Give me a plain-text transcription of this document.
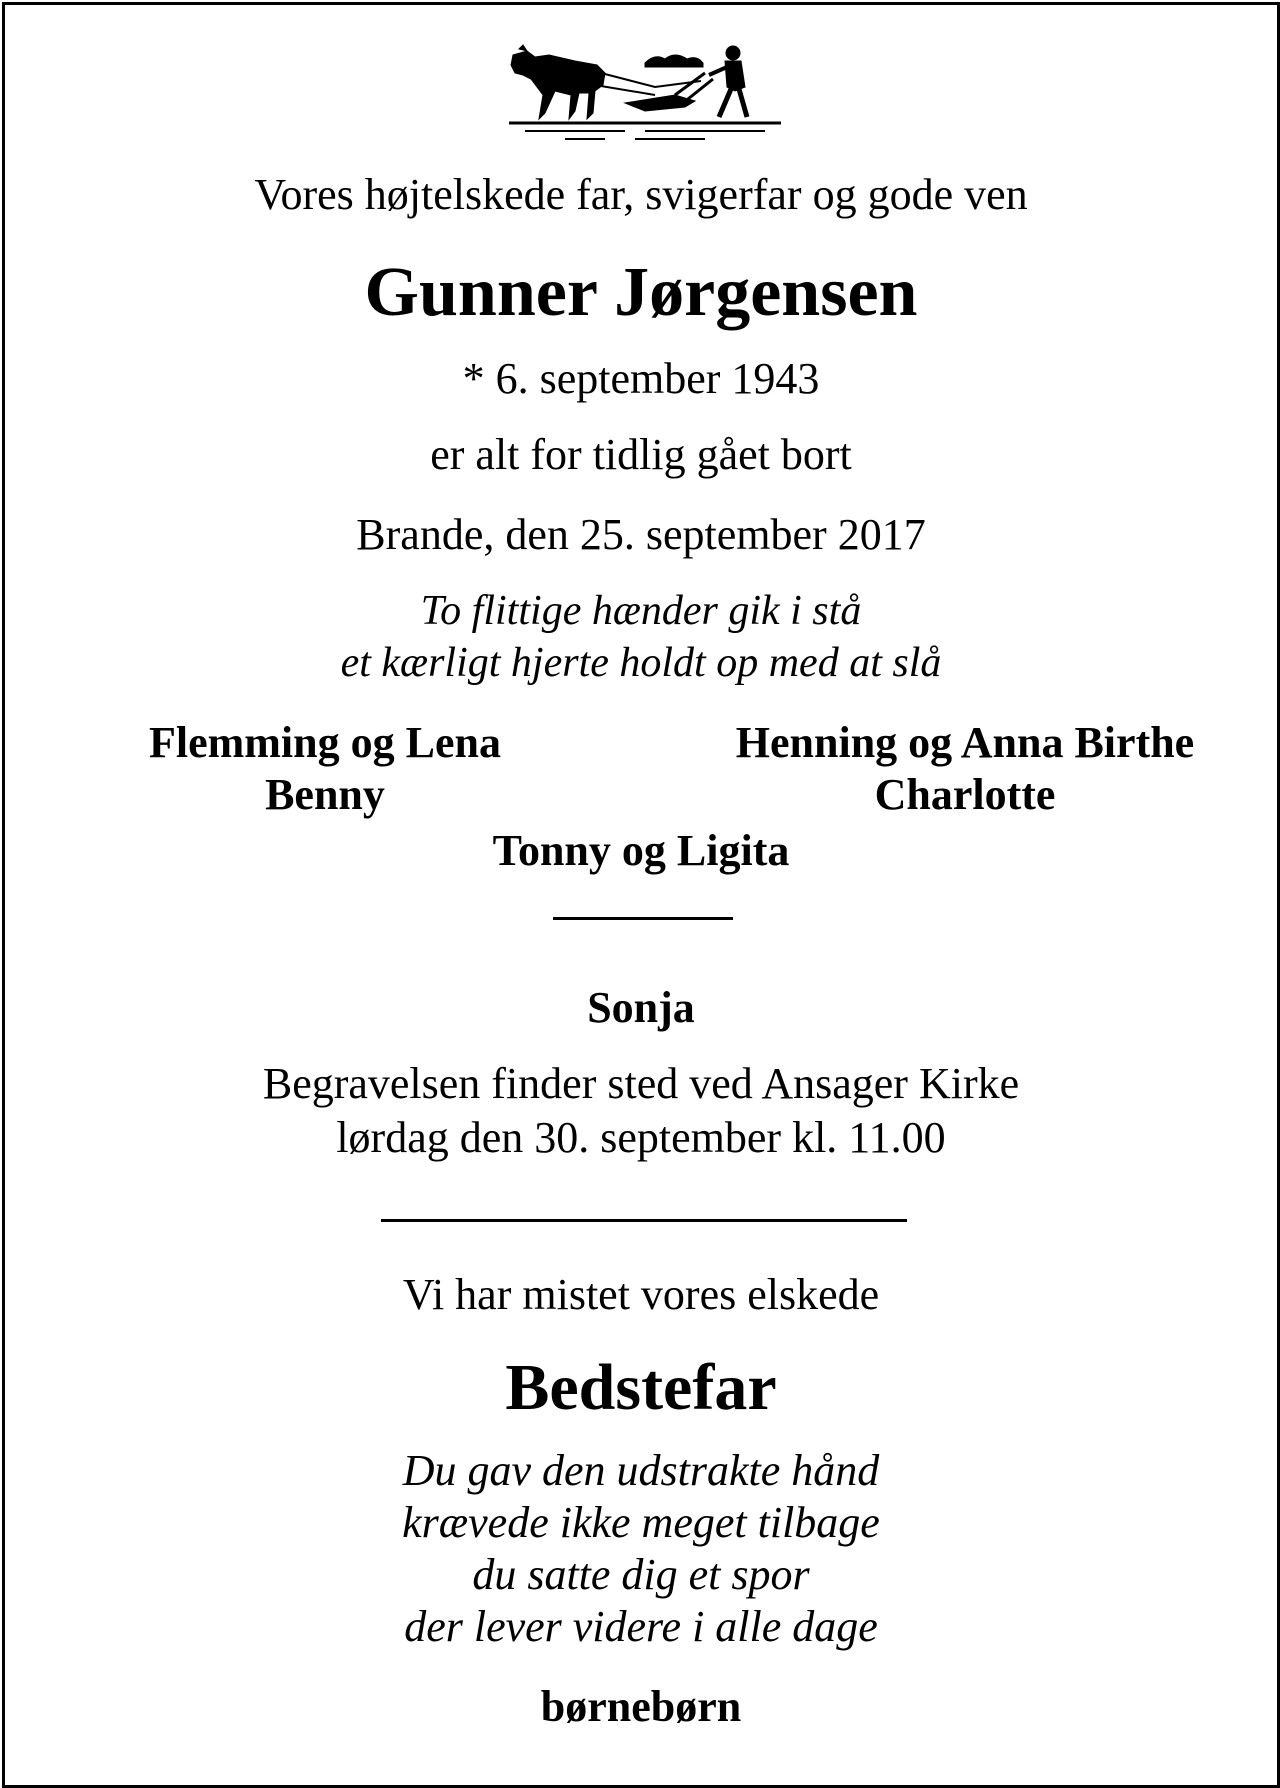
Vores højtelskede far, svigerfar og gode ven
Gunner Jørgensen
* 6. september 1943
er alt for tidlig gået bort
Brande, den 25. september 2017
To flittige hænder gik i stå
et kærligt hjerte holdt op med at slå
Flemming og Lena
Benny
Henning og Anna Birthe
Charlotte
Tonny og Ligita
Sonja
Begravelsen finder sted ved Ansager Kirke
lørdag den 30. september kl. 11.00
Vi har mistet vores elskede
Bedstefar
Du gav den udstrakte hånd
krævede ikke meget tilbage
du satte dig et spor
der lever videre i alle dage
børnebørn
